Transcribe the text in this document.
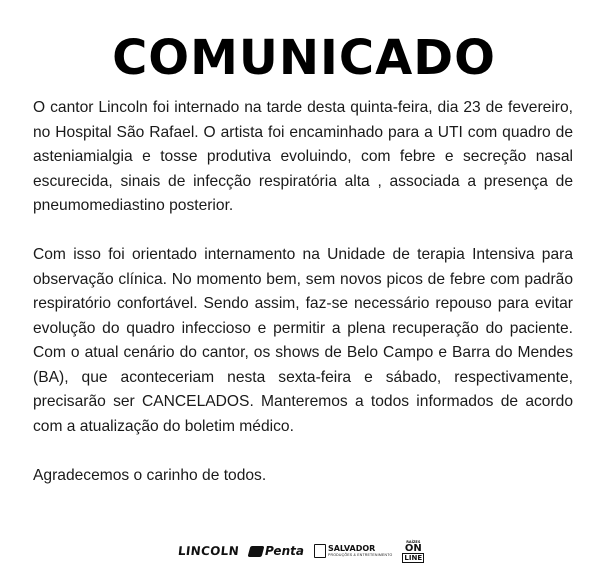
COMUNICADO

O cantor Lincoln foi internado na tarde desta quinta-feira, dia 23 de fevereiro, no Hospital São Rafael. O artista foi encaminhado para a UTI com quadro de asteniamialgia e tosse produtiva evoluindo, com febre e secreção nasal escurecida, sinais de infecção respiratória alta , associada a presença de pneumomediastino posterior.

Com isso foi orientado internamento na Unidade de terapia Intensiva para observação clínica. No momento bem, sem novos picos de febre com padrão respiratório confortável. Sendo assim, faz-se necessário repouso para evitar evolução do quadro infeccioso e permitir a plena recuperação do paciente. Com o atual cenário do cantor, os shows de Belo Campo e Barra do Mendes (BA), que aconteceriam nesta sexta-feira e sábado, respectivamente, precisarão ser CANCELADOS. Manteremos a todos informados de acordo com a atualização do boletim médico.

Agradecemos o carinho de todos.

LINCOLN Penta	SALVADOR
PRODUÇÕES & ENTRETENIMENTO
RAÍZES
ON
LINE
